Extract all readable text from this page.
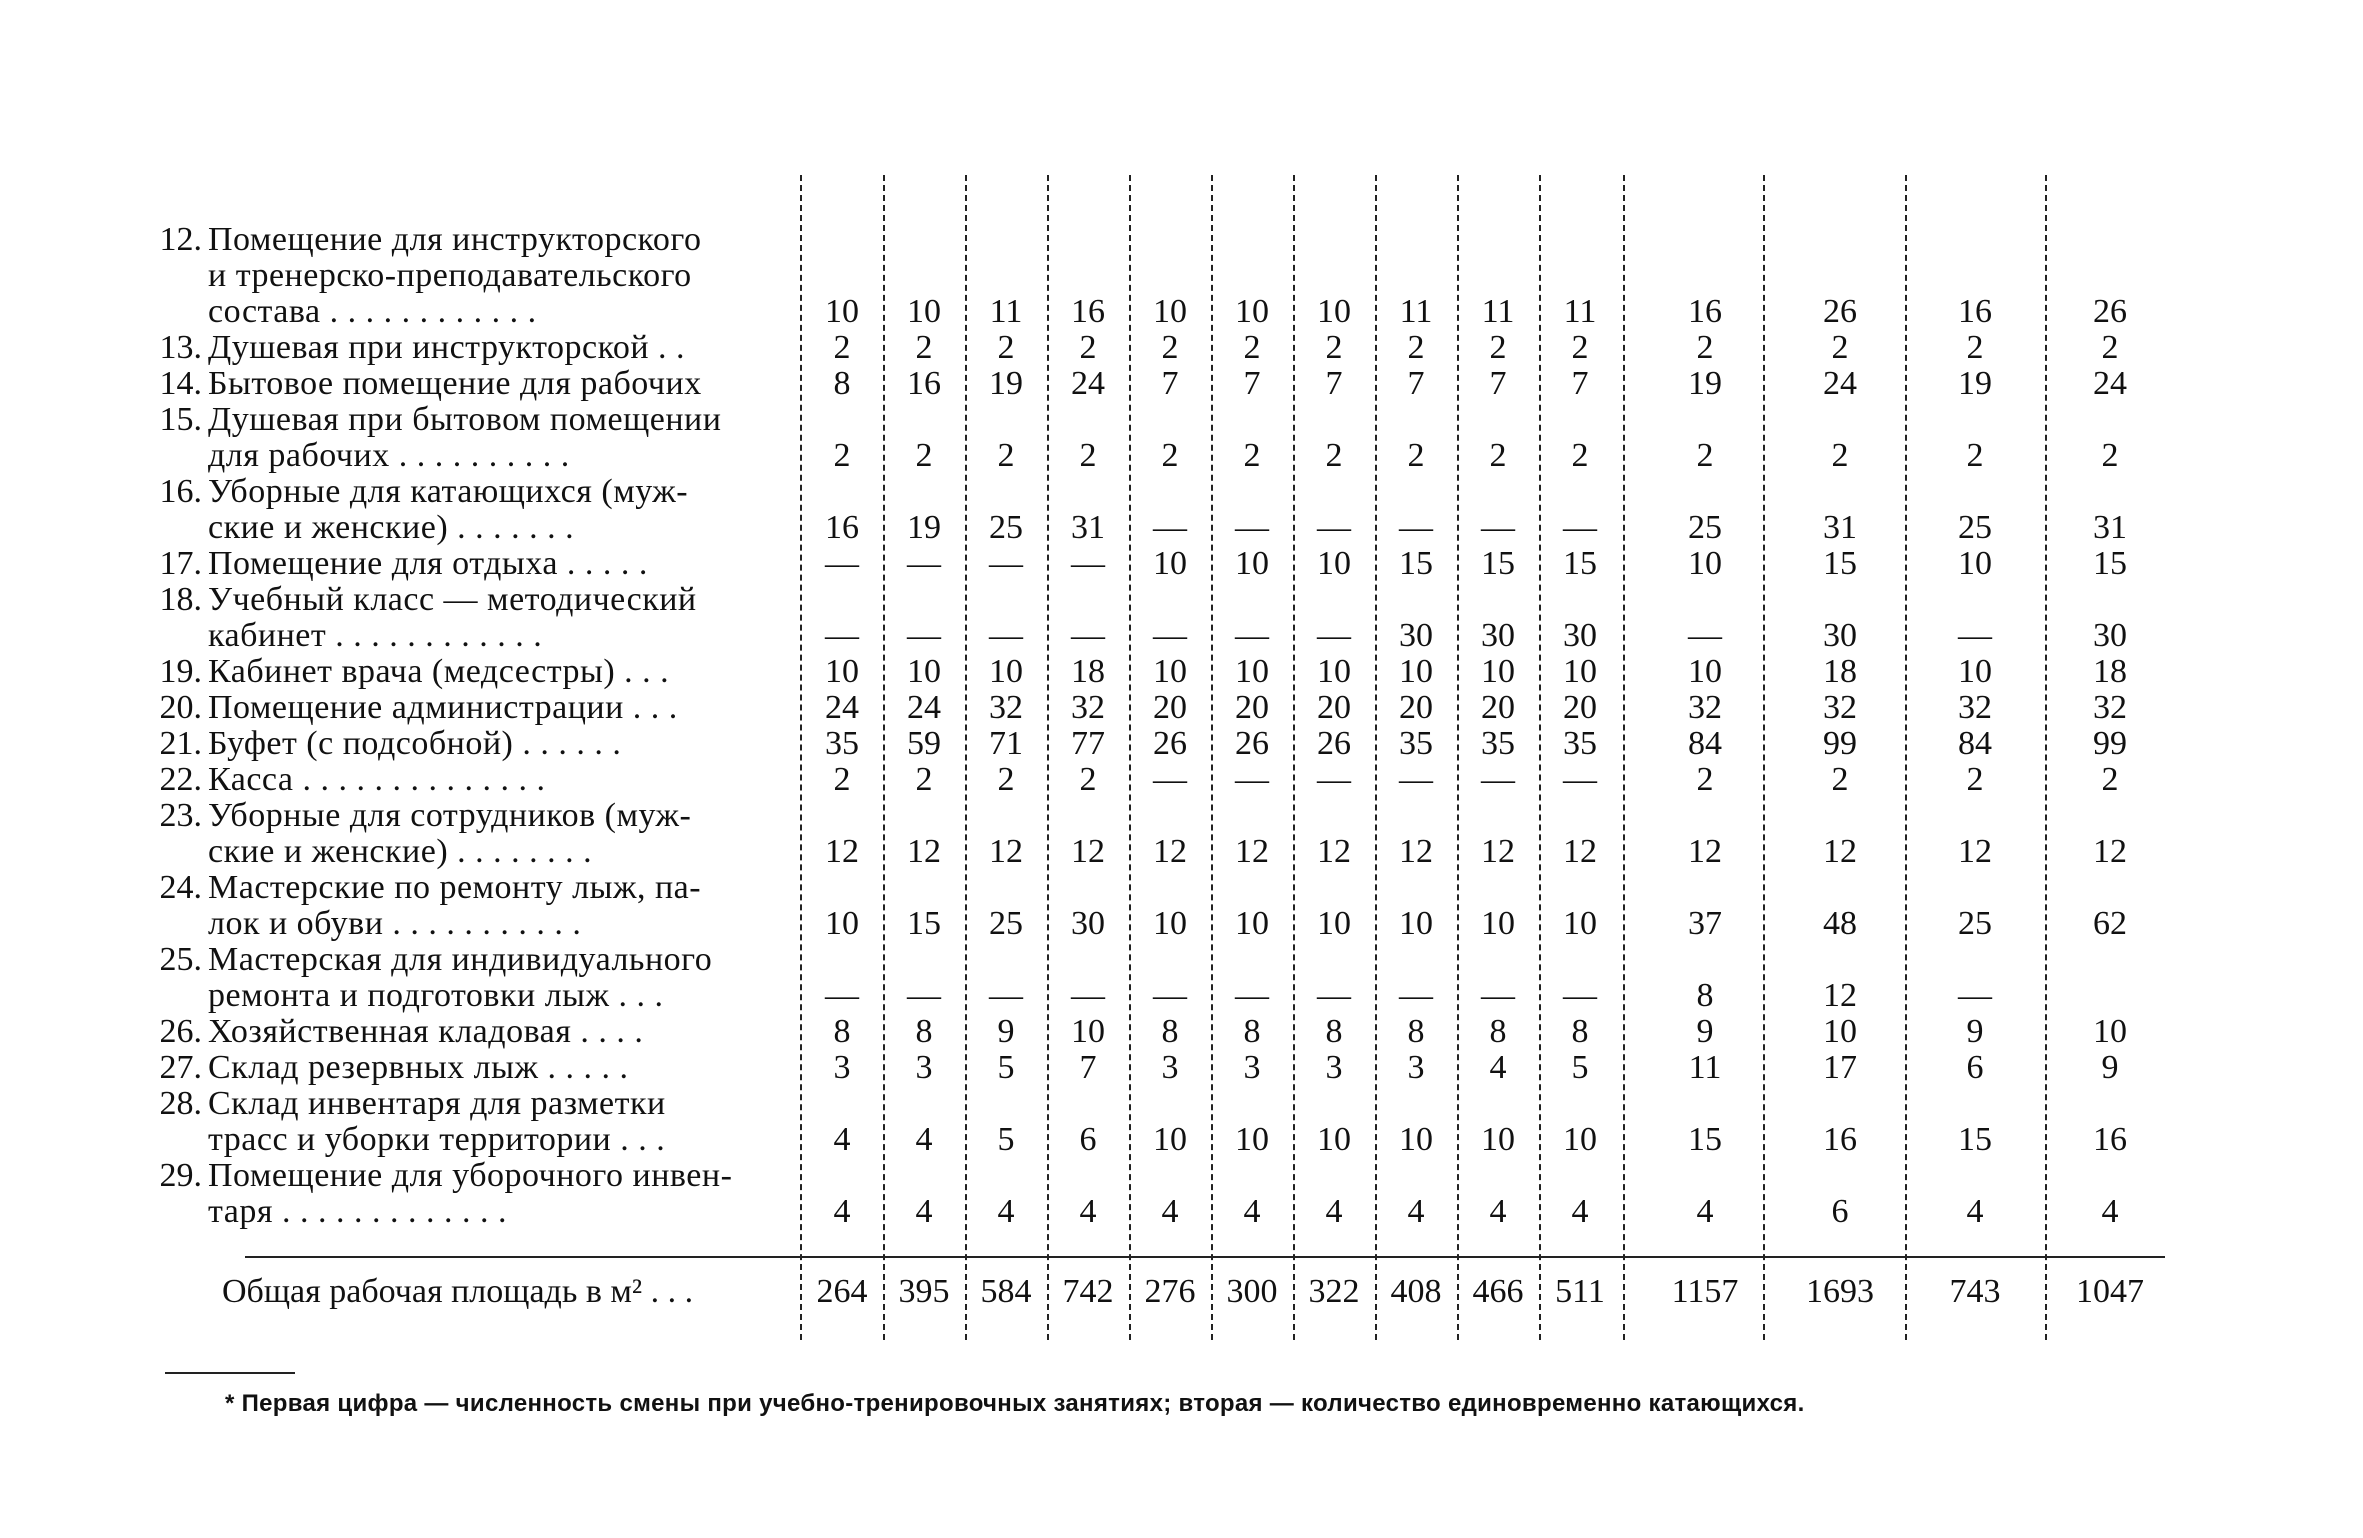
12. Помещение для инструкторского
и тренерско-преподавательского
состава . . . . . . . . . . . .	10	10	11	16	10	10	10	11	11	11	16	26	16	26
13. Душевая при инструкторской . .	2	2	2	2	2	2	2	2	2	2	2	2	2	2
14. Бытовое помещение для рабочих	8	16	19	24	7	7	7	7	7	7	19	24	19	24
15. Душевая при бытовом помещении
для рабочих . . . . . . . . . .	2	2	2	2	2	2	2	2	2	2	2	2	2	2
16. Уборные для катающихся (муж-
ские и женские) . . . . . . .	16	19	25	31	—	—	—	—	—	—	25	31	25	31
17. Помещение для отдыха . . . . .	—	—	—	—	10	10	10	15	15	15	10	15	10	15
18. Учебный класс — методический
кабинет . . . . . . . . . . . .	—	—	—	—	—	—	—	30	30	30	—	30	—	30
19. Кабинет врача (медсестры) . . .	10	10	10	18	10	10	10	10	10	10	10	18	10	18
20. Помещение администрации . . .	24	24	32	32	20	20	20	20	20	20	32	32	32	32
21. Буфет (с подсобной) . . . . . .	35	59	71	77	26	26	26	35	35	35	84	99	84	99
22. Касса . . . . . . . . . . . . . .	2	2	2	2	—	—	—	—	—	—	2	2	2	2
23. Уборные для сотрудников (муж-
ские и женские) . . . . . . . .	12	12	12	12	12	12	12	12	12	12	12	12	12	12
24. Мастерские по ремонту лыж, па-
лок и обуви . . . . . . . . . . .	10	15	25	30	10	10	10	10	10	10	37	48	25	62
25. Мастерская для индивидуального
ремонта и подготовки лыж . . .	—	—	—	—	—	—	—	—	—	—	8	12	—
26. Хозяйственная кладовая . . . .	8	8	9	10	8	8	8	8	8	8	9	10	9	10
27. Склад резервных лыж . . . . .	3	3	5	7	3	3	3	3	4	5	11	17	6	9
28. Склад инвентаря для разметки
трасс и уборки территории . . .	4	4	5	6	10	10	10	10	10	10	15	16	15	16
29. Помещение для уборочного инвен-
таря . . . . . . . . . . . . .	4	4	4	4	4	4	4	4	4	4	4	6	4	4
Общая рабочая площадь в м² . . .	264 395 584 742 276 300 322 408 466 511	1157	1693	743	1047
* Первая цифра — численность смены при учебно-тренировочных занятиях; вторая — количество единовременно катающихся.
